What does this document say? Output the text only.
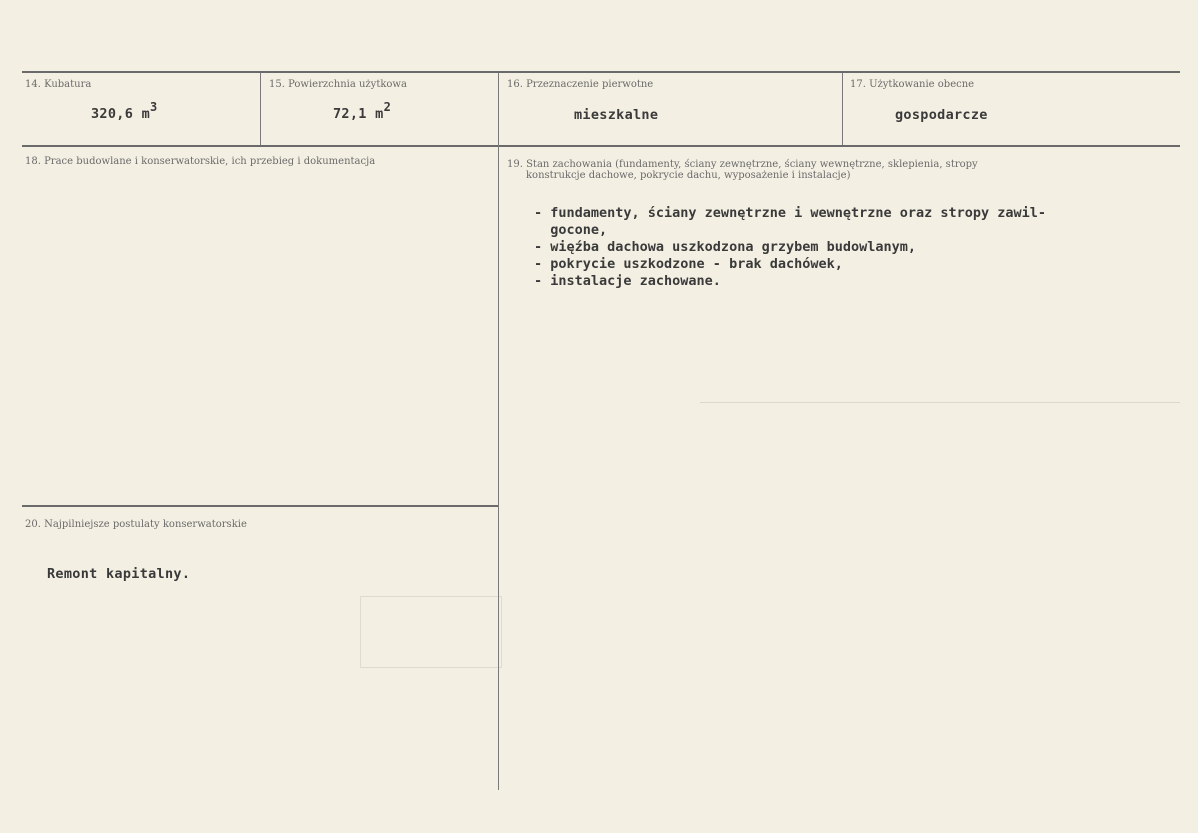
14. Kubatura
320,6 m3
15. Powierzchnia użytkowa
72,1 m2
16. Przeznaczenie pierwotne
mieszkalne
17. Użytkowanie obecne
gospodarcze
18. Prace budowlane i konserwatorskie, ich przebieg i dokumentacja	19. Stan zachowania (fundamenty, ściany zewnętrzne, ściany wewnętrzne, sklepienia, stropy
konstrukcje dachowe, pokrycie dachu, wyposażenie i instalacje)
- fundamenty, ściany zewnętrzne i wewnętrzne oraz stropy zawil-
gocone,
- więźba dachowa uszkodzona grzybem budowlanym,
- pokrycie uszkodzone - brak dachówek,
- instalacje zachowane.
20. Najpilniejsze postulaty konserwatorskie
Remont kapitalny.
